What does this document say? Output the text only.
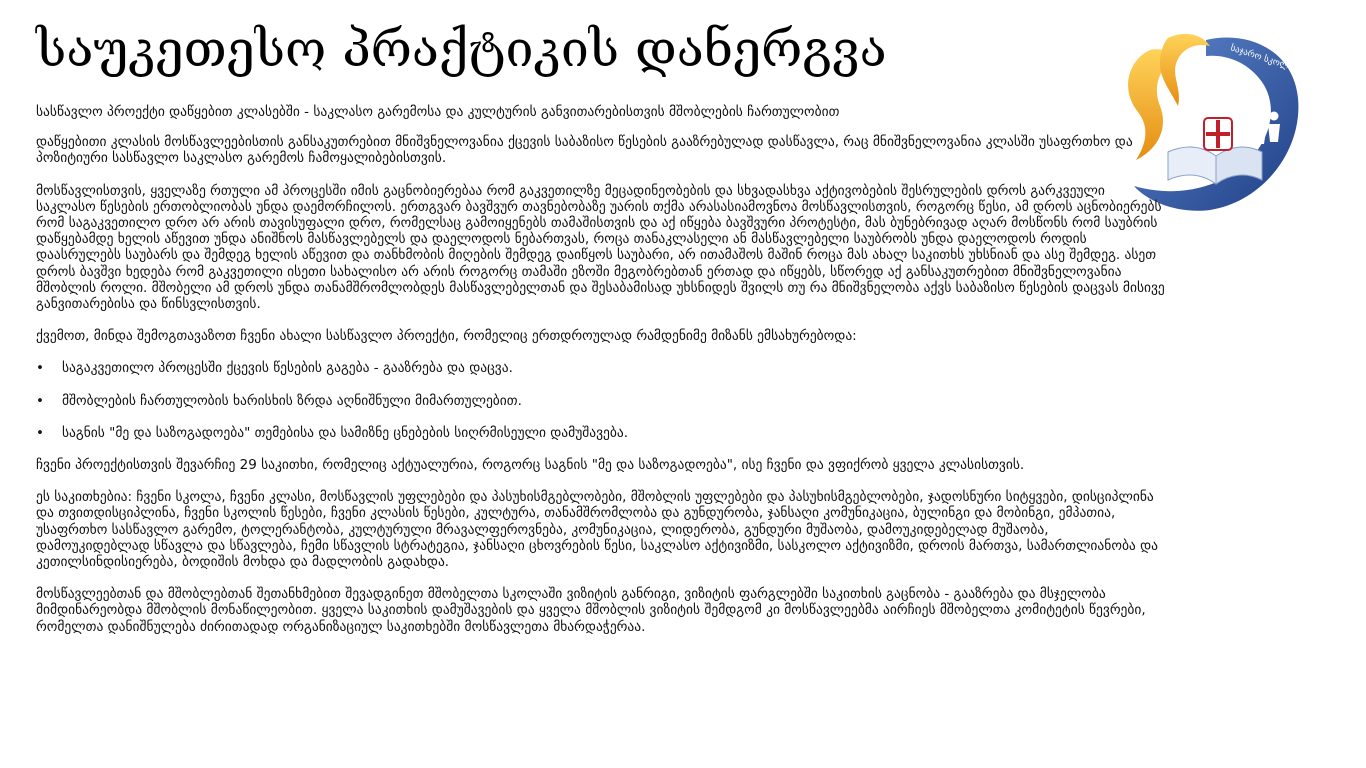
საუკეთესო პრაქტიკის დანერგვა	საჯარო სკოლა

სასწავლო პროექტი დაწყებით კლასებში - საკლასო გარემოსა და კულტურის განვითარებისთვის მშობლების ჩართულობით

დაწყებითი კლასის მოსწავლეებისთის განსაკუთრებით მნიშვნელოვანია ქცევის საბაზისო წესების გააზრებულად დასწავლა, რაც მნიშვნელოვანია კლასში უსაფრთხო და პოზიტიური სასწავლო საკლასო გარემოს ჩამოყალიბებისთვის.

მოსწავლისთვის, ყველაზე რთული ამ პროცესში იმის გაცნობიერებაა რომ გაკვეთილზე მეცადინეობების და სხვადასხვა აქტივობების შესრულების დროს გარკვეული საკლასო წესების ერთობლიობას უნდა დაემორჩილოს. ერთგვარ ბავშვურ თავნებობაზე უარის თქმა არასასიამოვნოა მოსწავლისთვის, როგორც წესი, ამ დროს აცნობიერებს რომ საგაკვეთილო დრო არ არის თავისუფალი დრო, რომელსაც გამოიყენებს თამაშისთვის და აქ იწყება ბავშვური პროტესტი, მას ბუნებრივად აღარ მოსწონს რომ საუბრის დაწყებამდე ხელის აწევით უნდა ანიშნოს მასწავლებელს და დაელოდოს ნებართვას, როცა თანაკლასელი ან მასწავლებელი საუბრობს უნდა დაელოდოს როდის დაასრულებს საუბარს და შემდეგ ხელის აწევით და თანხმობის მიღების შემდეგ დაიწყოს საუბარი, არ ითამაშოს მაშინ როცა მას ახალ საკითხს უხსნიან და ასე შემდეგ. ასეთ დროს ბავშვი ხედება რომ გაკვეთილი ისეთი სახალისო არ არის როგორც თამაში ეზოში მეგობრებთან ერთად და იწყებს, სწორედ აქ განსაკუთრებით მნიშვნელოვანია მშობლის როლი. მშობელი ამ დროს უნდა თანამშრომლობდეს მასწავლებელთან და შესაბამისად უხსნიდეს შვილს თუ რა მნიშვნელობა აქვს საბაზისო წესების დაცვას მისივე განვითარებისა და წინსვლისთვის.

ქვემოთ, მინდა შემოგთავაზოთ ჩვენი ახალი სასწავლო პროექტი, რომელიც ერთდროულად რამდენიმე მიზანს ემსახურებოდა:

• საგაკვეთილო პროცესში ქცევის წესების გაგება - გააზრება და დაცვა.
• მშობლების ჩართულობის ხარისხის ზრდა აღნიშნული მიმართულებით.
• საგნის "მე და საზოგადოება" თემებისა და სამიზნე ცნებების სიღრმისეული დამუშავება.

ჩვენი პროექტისთვის შევარჩიე 29 საკითხი, რომელიც აქტუალურია, როგორც საგნის "მე და საზოგადოება", ისე ჩვენი და ვფიქრობ ყველა კლასისთვის.

ეს საკითხებია: ჩვენი სკოლა, ჩვენი კლასი, მოსწავლის უფლებები და პასუხისმგებლობები, მშობლის უფლებები და პასუხისმგებლობები, ჯადოსნური სიტყვები, დისციპლინა და თვითდისციპლინა, ჩვენი სკოლის წესები, ჩვენი კლასის წესები, კულტურა, თანამშრომლობა და გუნდურობა, ჯანსაღი კომუნიკაცია, ბულინგი და მობინგი, ემპათია, უსაფრთხო სასწავლო გარემო, ტოლერანტობა, კულტურული მრავალფეროვნება, კომუნიკაცია, ლიდერობა, გუნდური მუშაობა, დამოუკიდებელად მუშაობა, დამოუკიდებლად სწავლა და სწავლება, ჩემი სწავლის სტრატეგია, ჯანსაღი ცხოვრების წესი, საკლასო აქტივიზმი, სასკოლო აქტივიზმი, დროის მართვა, სამართლიანობა და კეთილსინდისიერება, ბოდიშის მოხდა და მადლობის გადახდა.

მოსწავლეებთან და მშობლებთან შეთანხმებით შევადგინეთ მშობელთა სკოლაში ვიზიტის განრიგი, ვიზიტის ფარგლებში საკითხის გაცნობა - გააზრება და მსჯელობა მიმდინარეობდა მშობლის მონაწილეობით. ყველა საკითხის დამუშავების და ყველა მშობლის ვიზიტის შემდგომ კი მოსწავლეებმა აირჩიეს მშობელთა კომიტეტის წევრები, რომელთა დანიშნულება ძირითადად ორგანიზაციულ საკითხებში მოსწავლეთა მხარდაჭერაა.
